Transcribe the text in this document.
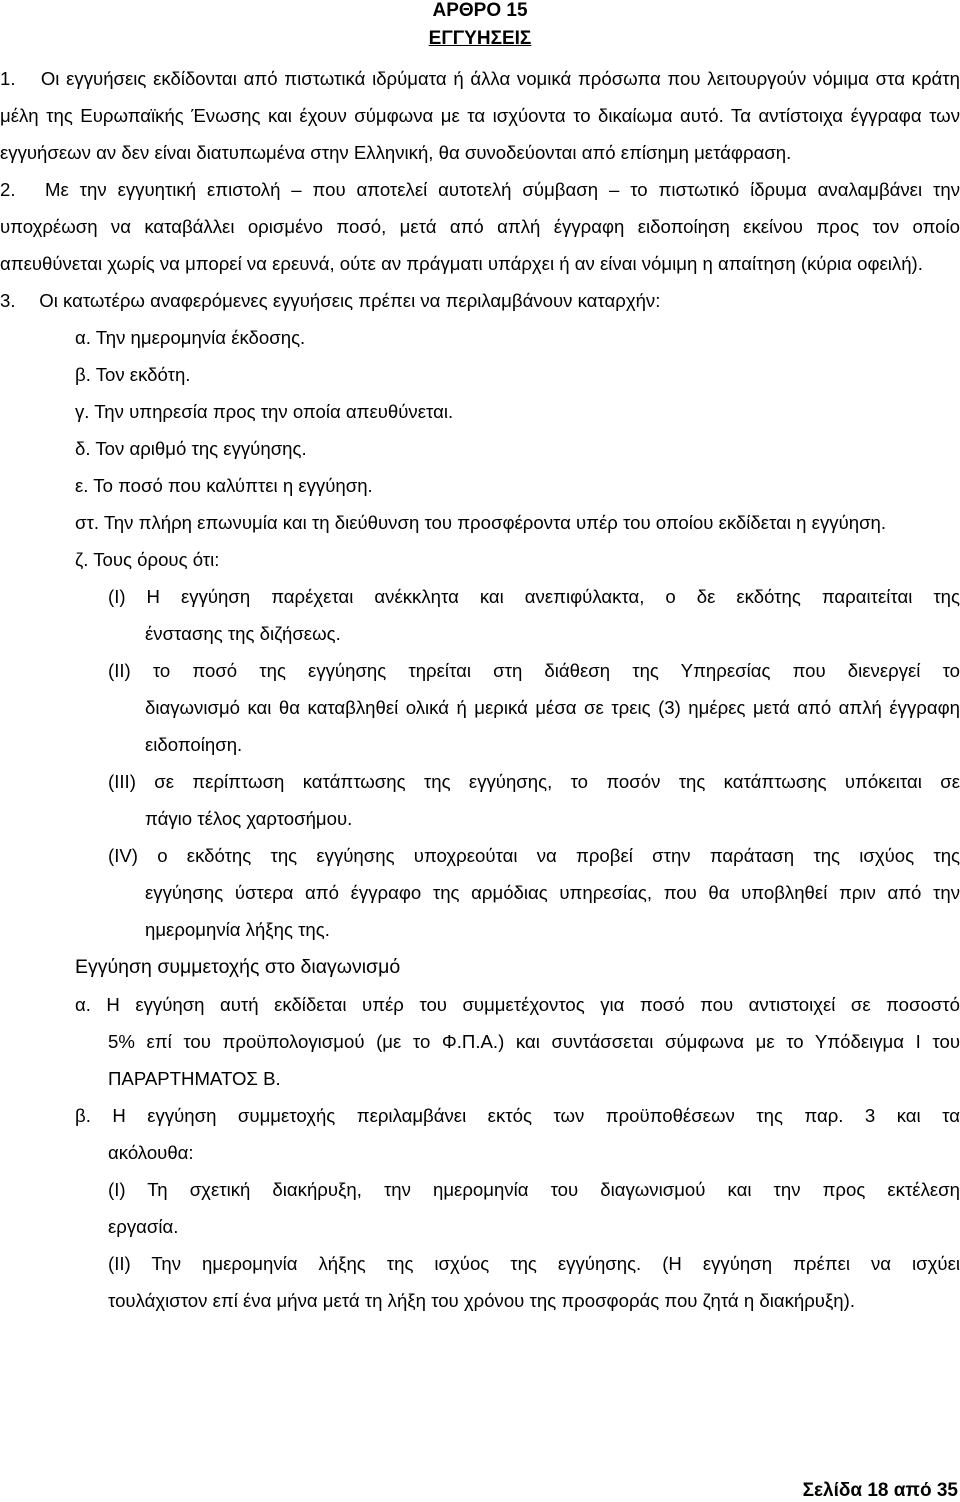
ΑΡΘΡΟ 15

ΕΓΓΥΗΣΕΙΣ

1.  Οι εγγυήσεις εκδίδονται από πιστωτικά ιδρύματα ή άλλα νομικά πρόσωπα που λειτουργούν νόμιμα στα κράτη μέλη της Ευρωπαϊκής Ένωσης και έχουν σύμφωνα με τα ισχύοντα το δικαίωμα αυτό. Τα αντίστοιχα έγγραφα των εγγυήσεων αν δεν είναι διατυπωμένα στην Ελληνική, θα συνοδεύονται από επίσημη μετάφραση.

2.  Με την εγγυητική επιστολή – που αποτελεί αυτοτελή σύμβαση – το πιστωτικό ίδρυμα αναλαμβάνει την υποχρέωση να καταβάλλει ορισμένο ποσό, μετά από απλή έγγραφη ειδοποίηση εκείνου προς τον οποίο απευθύνεται χωρίς να μπορεί να ερευνά, ούτε αν πράγματι υπάρχει ή αν είναι νόμιμη η απαίτηση (κύρια οφειλή).

3.  Οι κατωτέρω αναφερόμενες εγγυήσεις πρέπει να περιλαμβάνουν καταρχήν:

α. Την ημερομηνία έκδοσης.

β. Τον εκδότη.

γ. Την υπηρεσία προς την οποία απευθύνεται.

δ. Τον αριθμό της εγγύησης.

ε. Το ποσό που καλύπτει η εγγύηση.

στ. Την πλήρη επωνυμία και τη διεύθυνση του προσφέροντα υπέρ του οποίου εκδίδεται η εγγύηση.

ζ. Τους όρους ότι:

(Ι) Η εγγύηση παρέχεται ανέκκλητα και ανεπιφύλακτα, ο δε εκδότης παραιτείται της

ένστασης της διζήσεως.

(ΙΙ) το ποσό της εγγύησης τηρείται στη διάθεση της Υπηρεσίας που διενεργεί το

διαγωνισμό και θα καταβληθεί ολικά ή μερικά μέσα σε τρεις (3) ημέρες μετά από απλή έγγραφη ειδοποίηση.

(ΙΙΙ) σε περίπτωση κατάπτωσης της εγγύησης, το ποσόν της κατάπτωσης υπόκειται σε

πάγιο τέλος χαρτοσήμου.

(IV) ο εκδότης της εγγύησης υποχρεούται να προβεί στην παράταση της ισχύος της

εγγύησης ύστερα από έγγραφο της αρμόδιας υπηρεσίας, που θα υποβληθεί πριν από την ημερομηνία λήξης της.

Εγγύηση συμμετοχής στο διαγωνισμό

α. Η εγγύηση αυτή εκδίδεται υπέρ του συμμετέχοντος για ποσό που αντιστοιχεί σε ποσοστό

5% επί του προϋπολογισμού (με το Φ.Π.Α.) και συντάσσεται σύμφωνα με το Υπόδειγμα Ι του ΠΑΡΑΡΤΗΜΑΤΟΣ Β.

β. Η εγγύηση συμμετοχής περιλαμβάνει εκτός των προϋποθέσεων της παρ. 3 και τα

ακόλουθα:

(Ι) Τη σχετική διακήρυξη, την ημερομηνία του διαγωνισμού και την προς εκτέλεση

εργασία.

(ΙΙ) Την ημερομηνία λήξης της ισχύος της εγγύησης. (Η εγγύηση πρέπει να ισχύει

τουλάχιστον επί ένα μήνα μετά τη λήξη του χρόνου της προσφοράς που ζητά η διακήρυξη).

Σελίδα 18 από 35
